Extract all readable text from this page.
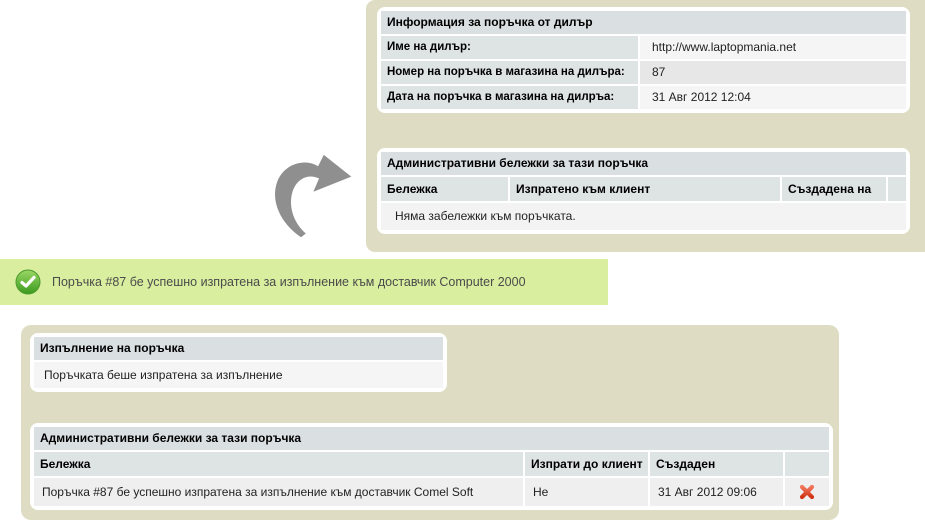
Информация за поръчка от дилър
Име на дилър:	http://www.laptopmania.net
Номер на поръчка в магазина на дилъра:	87
Дата на поръчка в магазина на дилръа:	31 Авг 2012 12:04
Административни бележки за тази поръчка
Бележка	Изпратено към клиент	Създадена на
Няма забележки към поръчката.
Поръчка #87 бе успешно изпратена за изпълнение към доставчик Computer 2000
Изпълнение на поръчка
Поръчката беше изпратена за изпълнение
Административни бележки за тази поръчка
Бележка	Изпрати до клиент	Създаден
Поръчка #87 бе успешно изпратена за изпълнение към доставчик Comel Soft	Не	31 Авг 2012 09:06
